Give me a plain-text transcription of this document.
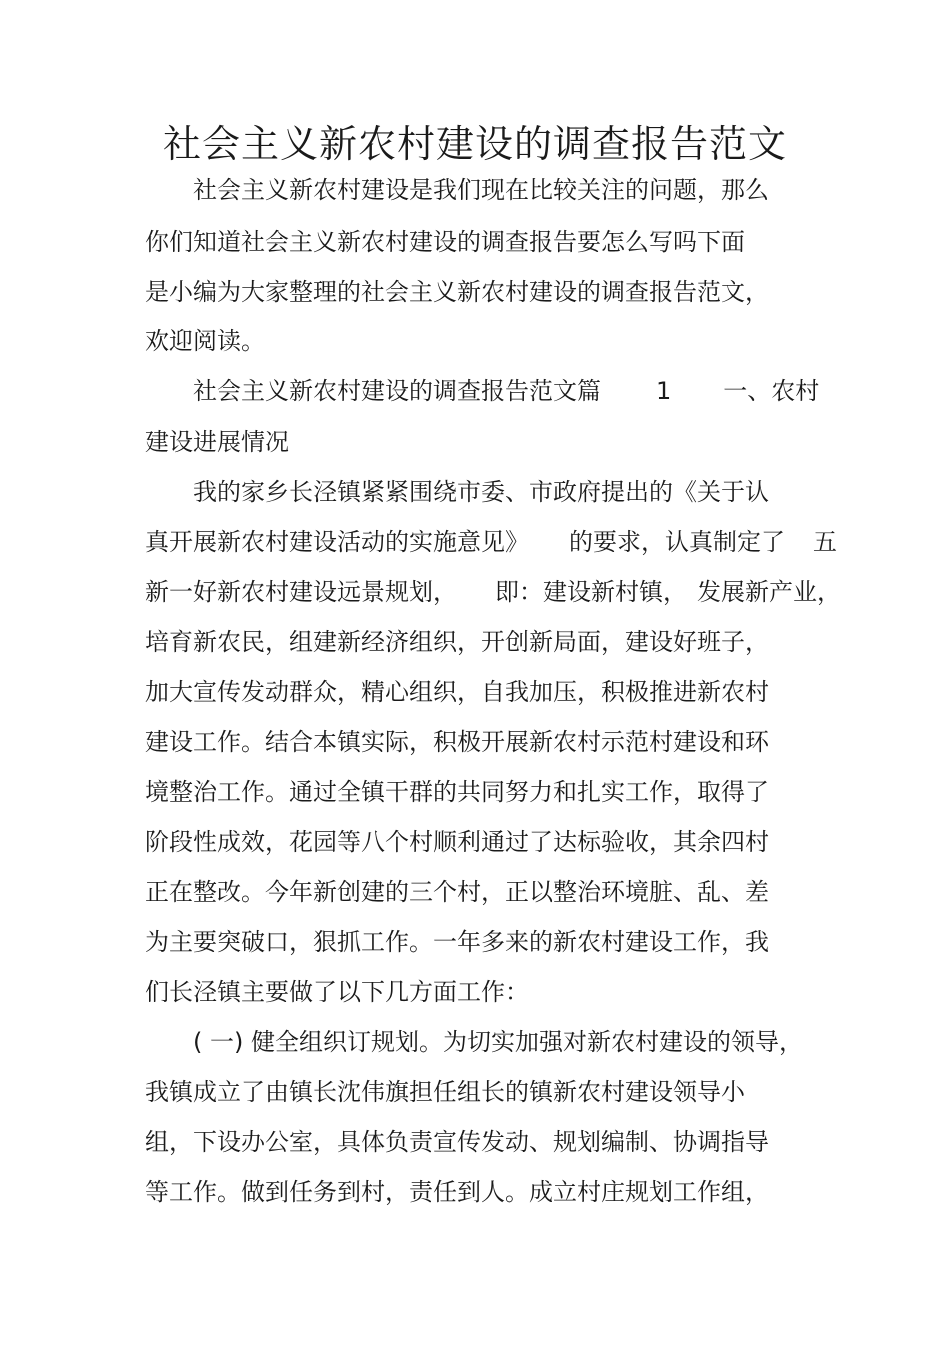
社会主义新农村建设的调查报告范文

社会主义新农村建设是我们现在比较关注的问题，那么

你们知道社会主义新农村建设的调查报告要怎么写吗下面

是小编为大家整理的社会主义新农村建设的调查报告范文，

欢迎阅读。

社会主义新农村建设的调查报告范文篇 1 一、农村

建设进展情况

我的家乡长泾镇紧紧围绕市委、市政府提出的《关于认

真开展新农村建设活动的实施意见》 的要求，认真制定了 五

新一好新农村建设远景规划， 即：建设新村镇， 发展新产业，

培育新农民，组建新经济组织，开创新局面，建设好班子，

加大宣传发动群众，精心组织，自我加压，积极推进新农村

建设工作。结合本镇实际，积极开展新农村示范村建设和环

境整治工作。通过全镇干群的共同努力和扎实工作，取得了

阶段性成效，花园等八个村顺利通过了达标验收，其余四村

正在整改。今年新创建的三个村，正以整治环境脏、乱、差

为主要突破口，狠抓工作。一年多来的新农村建设工作，我

们长泾镇主要做了以下几方面工作：

( 一) 健全组织订规划。为切实加强对新农村建设的领导，

我镇成立了由镇长沈伟旗担任组长的镇新农村建设领导小

组，下设办公室，具体负责宣传发动、规划编制、协调指导

等工作。做到任务到村，责任到人。成立村庄规划工作组，
